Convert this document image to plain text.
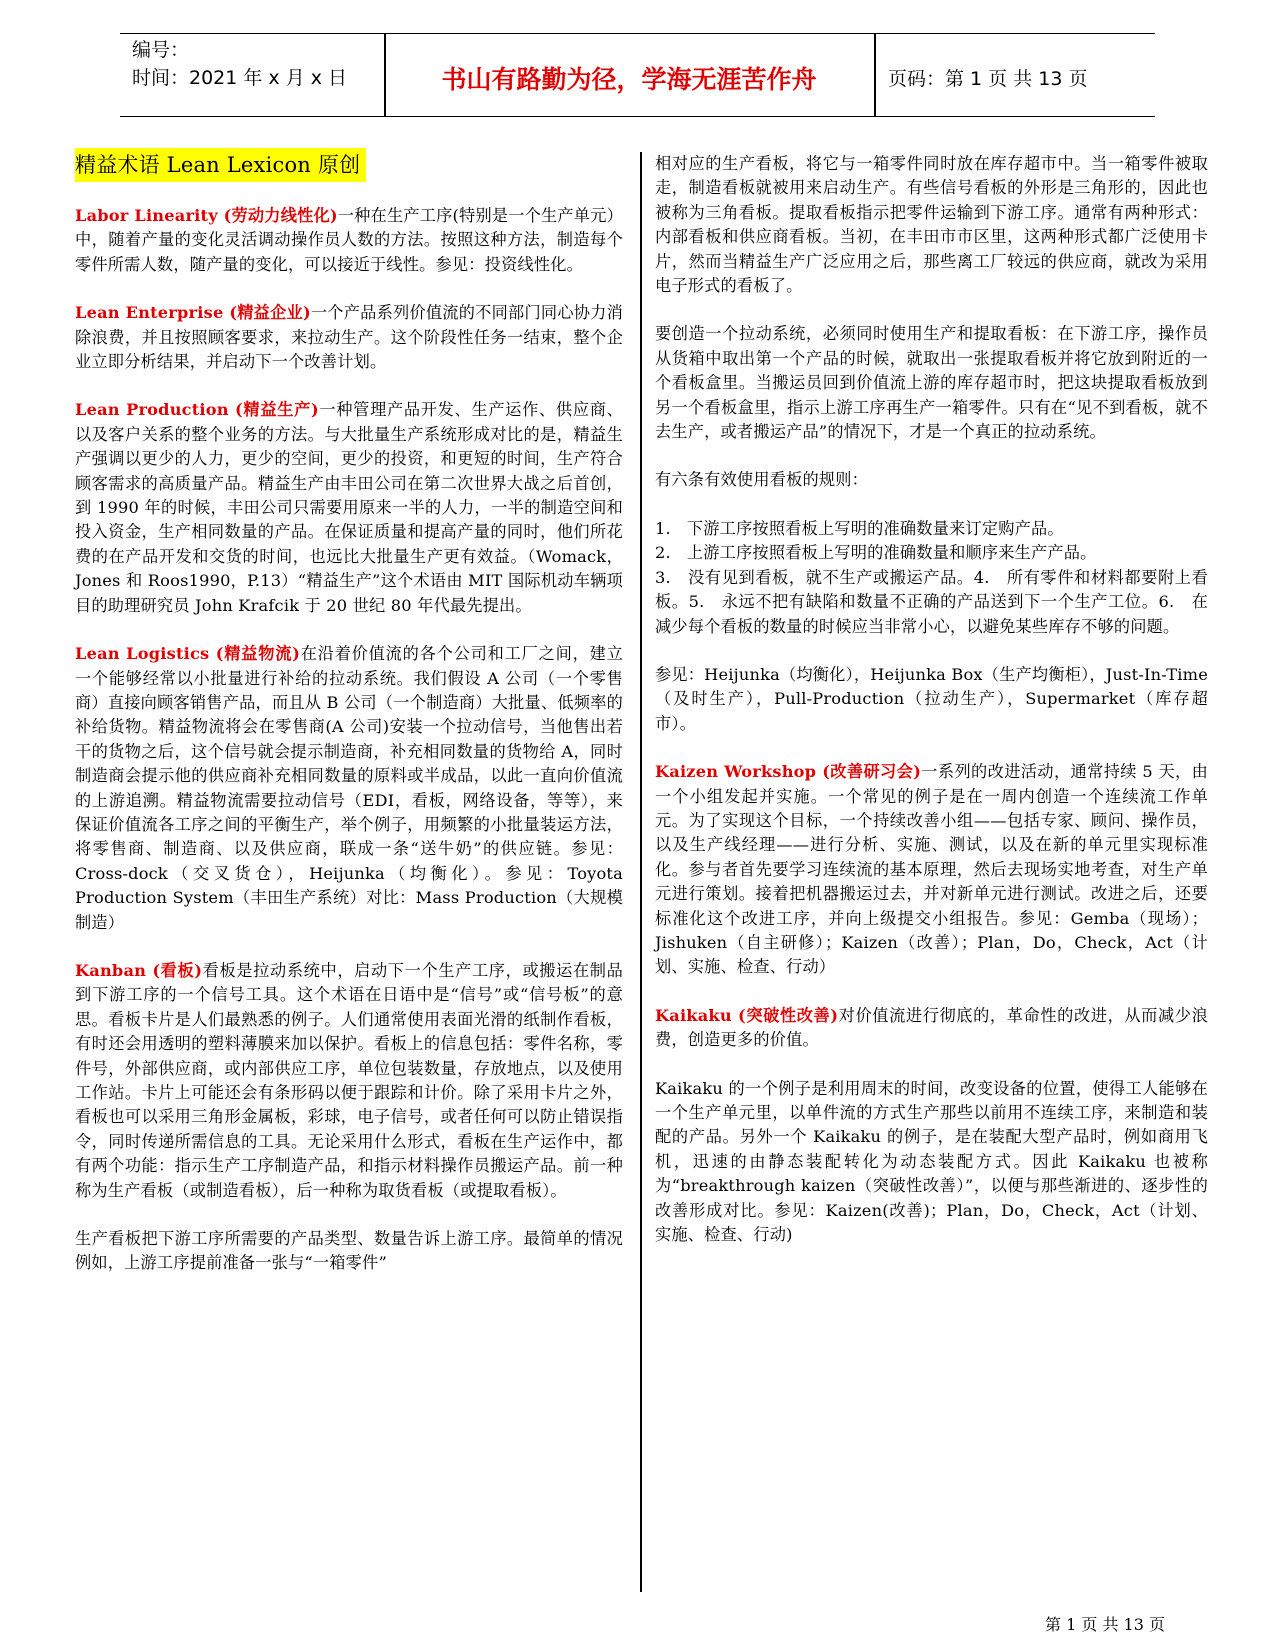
编号：
时间：2021 年 x 月 x 日	书山有路勤为径，学海无涯苦作舟	页码：第 1 页 共 13 页
精益术语 Lean Lexicon 原创
Labor Linearity (劳动力线性化)一种在生产工序(特别是一个生产单元）中，随着产量的变化灵活调动操作员人数的方法。按照这种方法，制造每个零件所需人数，随产量的变化，可以接近于线性。参见：投资线性化。
Lean Enterprise (精益企业)一个产品系列价值流的不同部门同心协力消除浪费，并且按照顾客要求，来拉动生产。这个阶段性任务一结束，整个企业立即分析结果，并启动下一个改善计划。
Lean Production (精益生产)一种管理产品开发、生产运作、供应商、以及客户关系的整个业务的方法。与大批量生产系统形成对比的是，精益生产强调以更少的人力，更少的空间，更少的投资，和更短的时间，生产符合顾客需求的高质量产品。精益生产由丰田公司在第二次世界大战之后首创，到 1990 年的时候，丰田公司只需要用原来一半的人力，一半的制造空间和投入资金，生产相同数量的产品。在保证质量和提高产量的同时，他们所花费的在产品开发和交货的时间，也远比大批量生产更有效益。（Womack，Jones 和 Roos1990，P.13）“精益生产”这个术语由 MIT 国际机动车辆项目的助理研究员 John Krafcik 于 20 世纪 80 年代最先提出。
Lean Logistics (精益物流)在沿着价值流的各个公司和工厂之间，建立一个能够经常以小批量进行补给的拉动系统。我们假设 A 公司（一个零售商）直接向顾客销售产品，而且从 B 公司（一个制造商）大批量、低频率的补给货物。精益物流将会在零售商(A 公司)安装一个拉动信号，当他售出若干的货物之后，这个信号就会提示制造商，补充相同数量的货物给 A，同时制造商会提示他的供应商补充相同数量的原料或半成品，以此一直向价值流的上游追溯。精益物流需要拉动信号（EDI，看板，网络设备，等等），来保证价值流各工序之间的平衡生产，举个例子，用频繁的小批量装运方法，将零售商、制造商、以及供应商，联成一条“送牛奶”的供应链。参见：Cross-dock（交叉货仓），Heijunka（均衡化）。参见：Toyota Production System（丰田生产系统）对比：Mass Production（大规模制造）
Kanban (看板)看板是拉动系统中，启动下一个生产工序，或搬运在制品到下游工序的一个信号工具。这个术语在日语中是“信号”或“信号板”的意思。看板卡片是人们最熟悉的例子。人们通常使用表面光滑的纸制作看板，有时还会用透明的塑料薄膜来加以保护。看板上的信息包括：零件名称，零件号，外部供应商，或内部供应工序，单位包装数量，存放地点，以及使用工作站。卡片上可能还会有条形码以便于跟踪和计价。除了采用卡片之外，看板也可以采用三角形金属板，彩球，电子信号，或者任何可以防止错误指令，同时传递所需信息的工具。无论采用什么形式，看板在生产运作中，都有两个功能：指示生产工序制造产品，和指示材料操作员搬运产品。前一种称为生产看板（或制造看板），后一种称为取货看板（或提取看板）。

生产看板把下游工序所需要的产品类型、数量告诉上游工序。最简单的情况例如，上游工序提前准备一张与“一箱零件”

相对应的生产看板，将它与一箱零件同时放在库存超市中。当一箱零件被取走，制造看板就被用来启动生产。有些信号看板的外形是三角形的，因此也被称为三角看板。提取看板指示把零件运输到下游工序。通常有两种形式：内部看板和供应商看板。当初，在丰田市市区里，这两种形式都广泛使用卡片，然而当精益生产广泛应用之后，那些离工厂较远的供应商，就改为采用电子形式的看板了。

要创造一个拉动系统，必须同时使用生产和提取看板：在下游工序，操作员从货箱中取出第一个产品的时候，就取出一张提取看板并将它放到附近的一个看板盒里。当搬运员回到价值流上游的库存超市时，把这块提取看板放到另一个看板盒里，指示上游工序再生产一箱零件。只有在“见不到看板，就不去生产，或者搬运产品”的情况下，才是一个真正的拉动系统。

有六条有效使用看板的规则：

1.   下游工序按照看板上写明的准确数量来订定购产品。
2.   上游工序按照看板上写明的准确数量和顺序来生产产品。
3.   没有见到看板，就不生产或搬运产品。4.   所有零件和材料都要附上看板。5.   永远不把有缺陷和数量不正确的产品送到下一个生产工位。6.   在减少每个看板的数量的时候应当非常小心，以避免某些库存不够的问题。

参见：Heijunka（均衡化），Heijunka Box（生产均衡柜），Just-In-Time（及时生产），Pull-Production（拉动生产），Supermarket（库存超市）。

Kaizen Workshop (改善研习会)一系列的改进活动，通常持续 5 天，由一个小组发起并实施。一个常见的例子是在一周内创造一个连续流工作单元。为了实现这个目标，一个持续改善小组——包括专家、顾问、操作员，以及生产线经理——进行分析、实施、测试，以及在新的单元里实现标准化。参与者首先要学习连续流的基本原理，然后去现场实地考查，对生产单元进行策划。接着把机器搬运过去，并对新单元进行测试。改进之后，还要标准化这个改进工序，并向上级提交小组报告。参见：Gemba（现场）；Jishuken（自主研修）；Kaizen（改善）；Plan，Do，Check，Act（计划、实施、检查、行动）
Kaikaku (突破性改善)对价值流进行彻底的，革命性的改进，从而减少浪费，创造更多的价值。

Kaikaku 的一个例子是利用周末的时间，改变设备的位置，使得工人能够在一个生产单元里，以单件流的方式生产那些以前用不连续工序，来制造和装配的产品。另外一个 Kaikaku 的例子，是在装配大型产品时，例如商用飞机，迅速的由静态装配转化为动态装配方式。因此 Kaikaku 也被称为“breakthrough kaizen（突破性改善）”，以便与那些渐进的、逐步性的改善形成对比。参见：Kaizen(改善)；Plan，Do，Check，Act（计划、实施、检查、行动)

第 1 页 共 13 页
